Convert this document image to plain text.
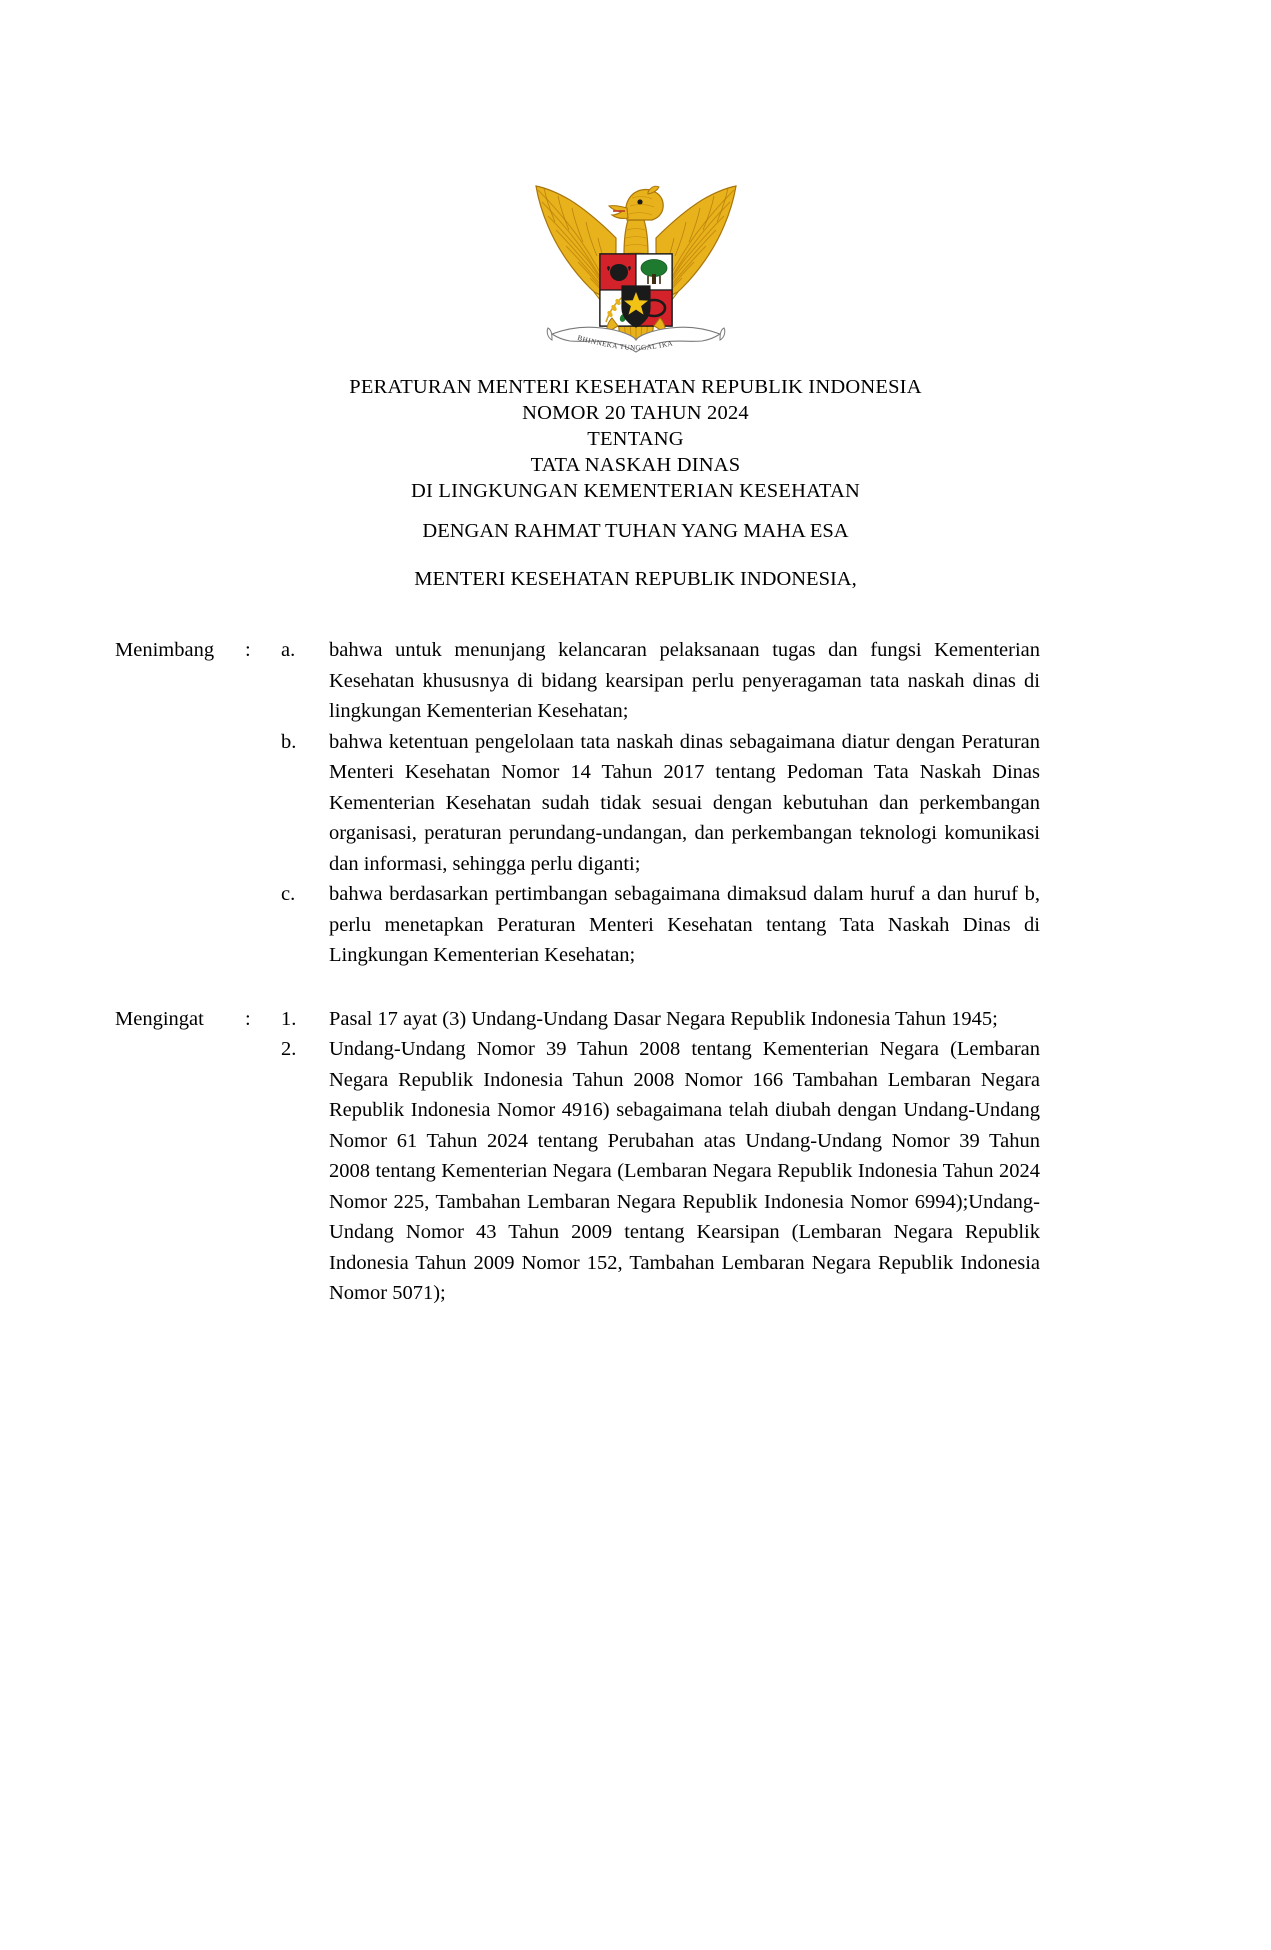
BHINNEKA TUNGGAL IKA
PERATURAN MENTERI KESEHATAN REPUBLIK INDONESIA
NOMOR 20 TAHUN 2024
TENTANG
TATA NASKAH DINAS
DI LINGKUNGAN KEMENTERIAN KESEHATAN
DENGAN RAHMAT TUHAN YANG MAHA ESA
MENTERI KESEHATAN REPUBLIK INDONESIA,
Menimbang	:	a.	bahwa untuk menunjang kelancaran pelaksanaan tugas dan fungsi Kementerian Kesehatan khususnya di bidang kearsipan perlu penyeragaman tata naskah dinas di lingkungan Kementerian Kesehatan;
b.	bahwa ketentuan pengelolaan tata naskah dinas sebagaimana diatur dengan Peraturan Menteri Kesehatan Nomor 14 Tahun 2017 tentang Pedoman Tata Naskah Dinas Kementerian Kesehatan sudah tidak sesuai dengan kebutuhan dan perkembangan organisasi, peraturan perundang-undangan, dan perkembangan teknologi komunikasi dan informasi, sehingga perlu diganti;
c.	bahwa berdasarkan pertimbangan sebagaimana dimaksud dalam huruf a dan huruf b, perlu menetapkan Peraturan Menteri Kesehatan tentang Tata Naskah Dinas di Lingkungan Kementerian Kesehatan;
Mengingat	:	1.	Pasal 17 ayat (3) Undang-Undang Dasar Negara Republik Indonesia Tahun 1945;
2.	Undang-Undang Nomor 39 Tahun 2008 tentang Kementerian Negara (Lembaran Negara Republik Indonesia Tahun 2008 Nomor 166 Tambahan Lembaran Negara Republik Indonesia Nomor 4916) sebagaimana telah diubah dengan Undang-Undang Nomor 61 Tahun 2024 tentang Perubahan atas Undang-Undang Nomor 39 Tahun 2008 tentang Kementerian Negara (Lembaran Negara Republik Indonesia Tahun 2024 Nomor 225, Tambahan Lembaran Negara Republik Indonesia Nomor 6994);Undang-Undang Nomor 43 Tahun 2009 tentang Kearsipan (Lembaran Negara Republik Indonesia Tahun 2009 Nomor 152, Tambahan Lembaran Negara Republik Indonesia Nomor 5071);
